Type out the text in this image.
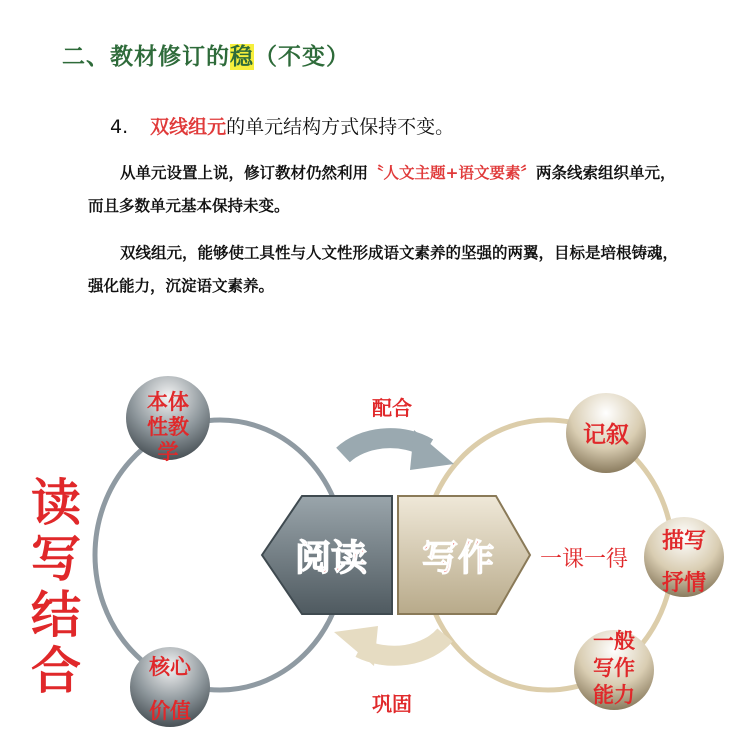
二、教材修订的稳（不变）
4. 双线组元的单元结构方式保持不变。
从单元设置上说，修订教材仍然利用〝人文主题+语文要素〞两条线索组织单元，而且多数单元基本保持未变。
双线组元，能够使工具性与人文性形成语文素养的坚强的两翼，目标是培根铸魂，强化能力，沉淀语文素养。
读
写
结
合
阅读 写作
配合
巩固
一课一得
本体
性教
学
核心
价值
记叙
描写
抒情
一般
写作
能力
